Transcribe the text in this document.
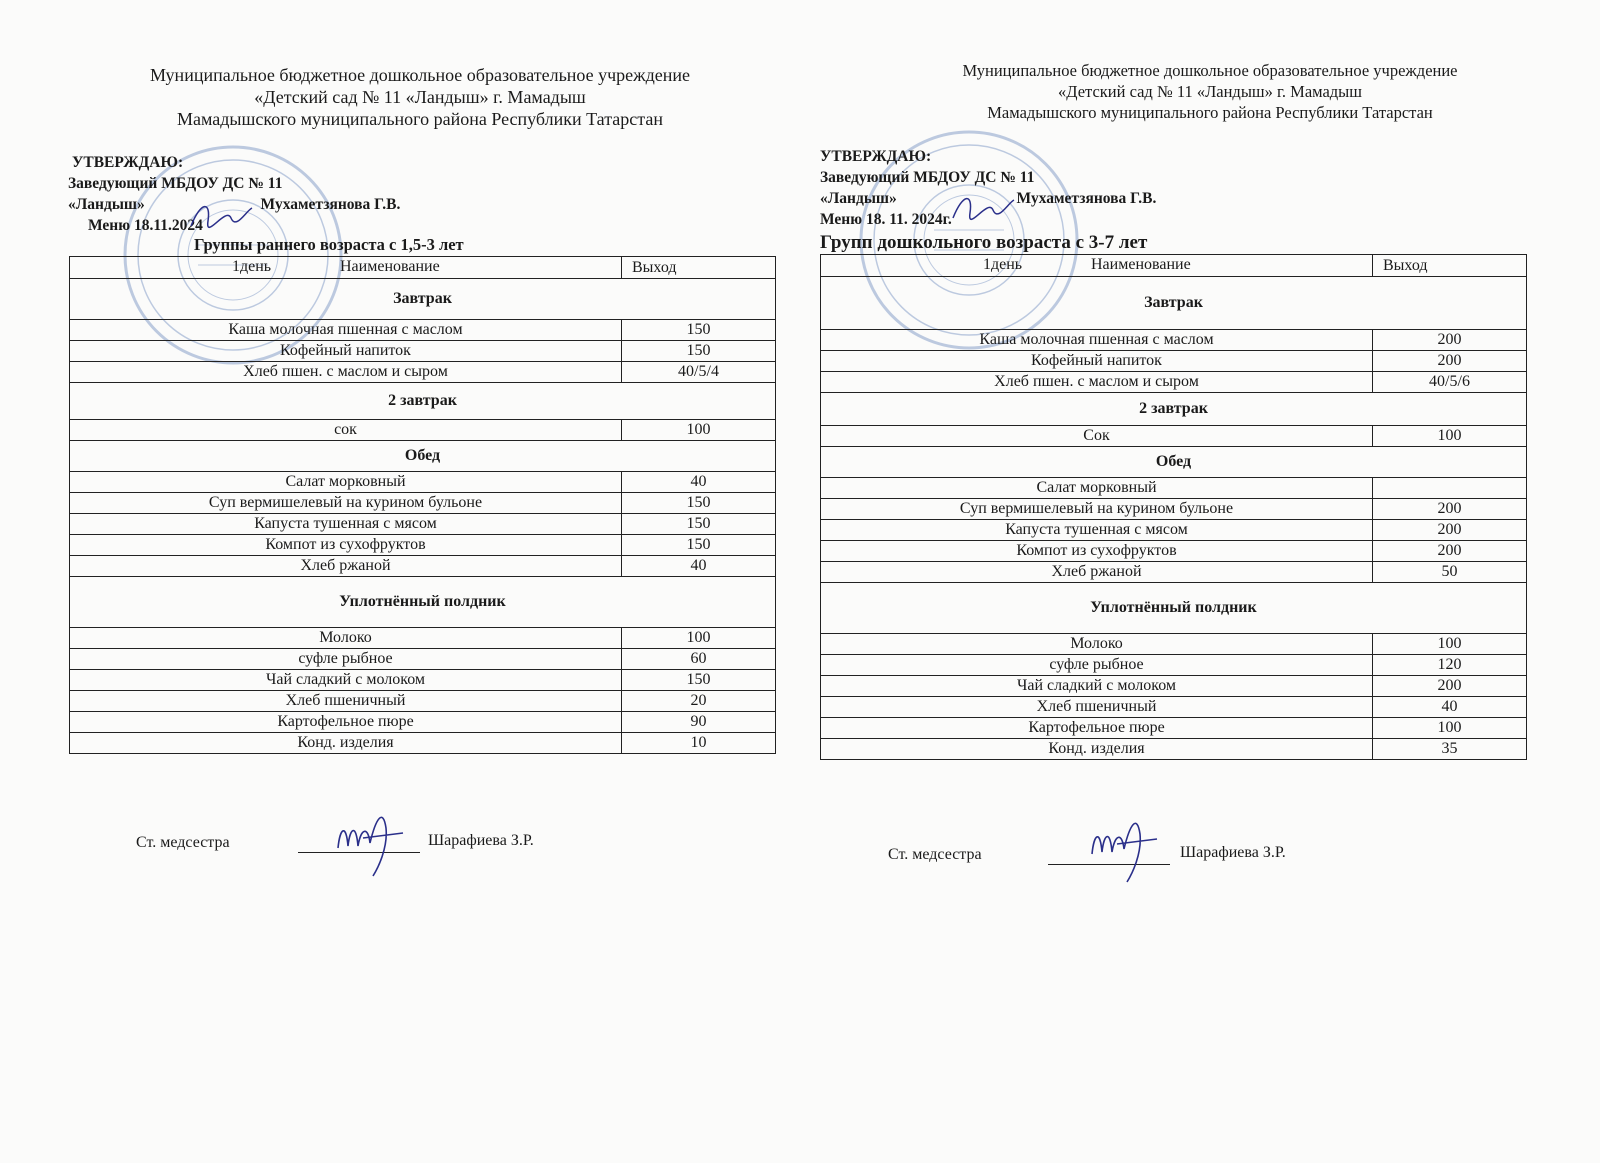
Муниципальное бюджетное дошкольное образовательное учреждение
«Детский сад № 11 «Ландыш» г. Мамадыш
Мамадышского муниципального района Республики Татарстан
УТВЕРЖДАЮ:
Заведующий МБДОУ ДС № 11
«Ландыш»	Мухаметзянова Г.В.
Меню 18.11.2024
Группы раннего возраста с 1,5-3 лет
1день Наименование	Выход
Завтрак	
Каша молочная пшенная с маслом	150
Кофейный напиток	150
Хлеб пшен. с маслом и сыром	40/5/4
2 завтрак	
сок	100
Обед	
Салат морковный	40
Суп вермишелевый на курином бульоне	150
Капуста тушенная с мясом	150
Компот из сухофруктов	150
Хлеб ржаной	40
Уплотнённый полдник	
Молоко	100
суфле рыбное	60
Чай сладкий с молоком	150
Хлеб пшеничный	20
Картофельное пюре	90
Конд. изделия	10
Ст. медсестра	Шарафиева З.Р.
Муниципальное бюджетное дошкольное образовательное учреждение
«Детский сад № 11 «Ландыш» г. Мамадыш
Мамадышского муниципального района Республики Татарстан
УТВЕРЖДАЮ:
Заведующий МБДОУ ДС № 11
«Ландыш»	Мухаметзянова Г.В.
Меню 18. 11. 2024г.
Групп дошкольного возраста с 3-7 лет
1день Наименование	Выход
Завтрак	
Каша молочная пшенная с маслом	200
Кофейный напиток	200
Хлеб пшен. с маслом и сыром	40/5/6
2 завтрак	
Сок	100
Обед	
Салат морковный	
Суп вермишелевый на курином бульоне	200
Капуста тушенная с мясом	200
Компот из сухофруктов	200
Хлеб ржаной	50
Уплотнённый полдник	
Молоко	100
суфле рыбное	120
Чай сладкий с молоком	200
Хлеб пшеничный	40
Картофельное пюре	100
Конд. изделия	35
Ст. медсестра	Шарафиева З.Р.
